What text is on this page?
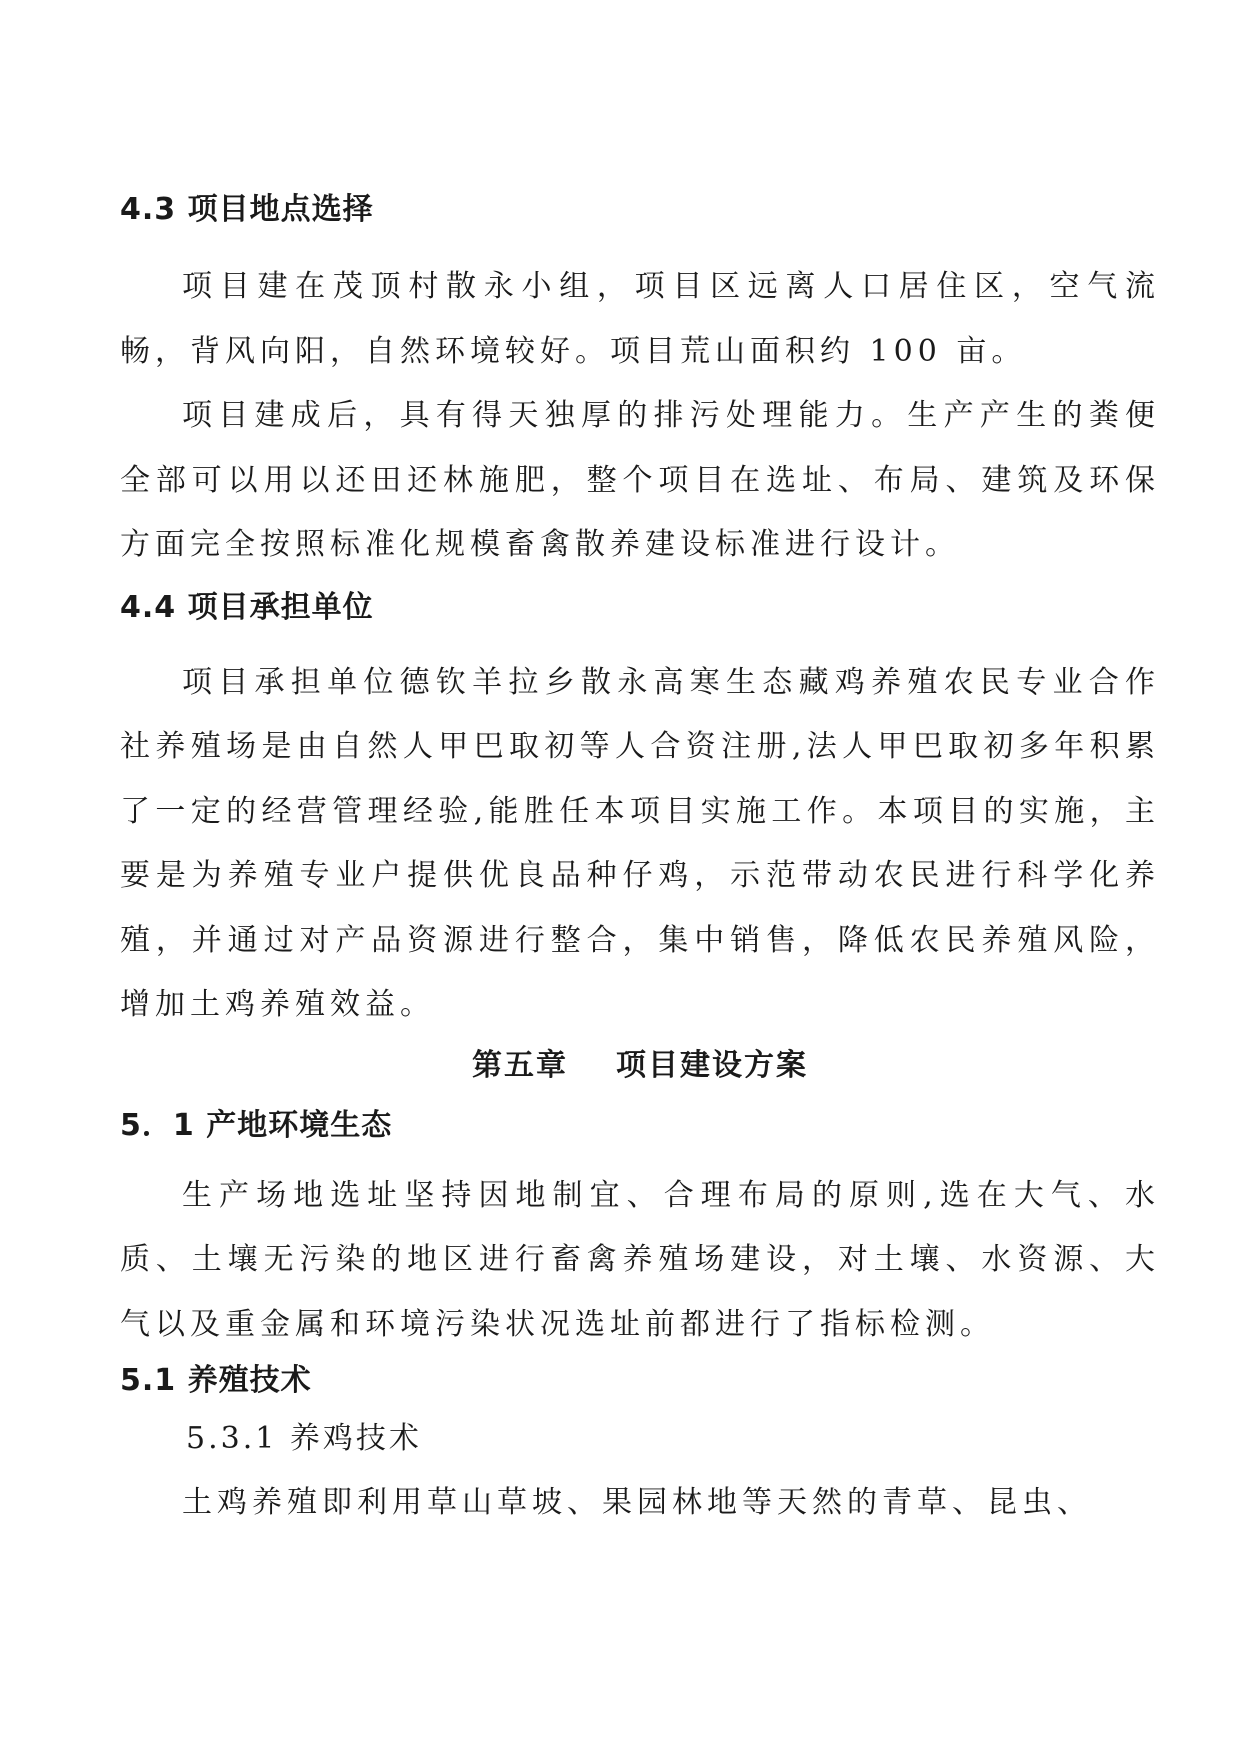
4.3 项目地点选择

项目建在茂顶村散永小组，项目区远离人口居住区，空气流畅，背风向阳，自然环境较好。项目荒山面积约 100 亩。

项目建成后，具有得天独厚的排污处理能力。生产产生的粪便全部可以用以还田还林施肥，整个项目在选址、布局、建筑及环保方面完全按照标准化规模畜禽散养建设标准进行设计。

4.4 项目承担单位

项目承担单位德钦羊拉乡散永高寒生态藏鸡养殖农民专业合作社养殖场是由自然人甲巴取初等人合资注册,法人甲巴取初多年积累了一定的经营管理经验,能胜任本项目实施工作。本项目的实施，主要是为养殖专业户提供优良品种仔鸡，示范带动农民进行科学化养殖，并通过对产品资源进行整合，集中销售，降低农民养殖风险，增加土鸡养殖效益。

第五章 项目建设方案
5．1 产地环境生态

生产场地选址坚持因地制宜、合理布局的原则,选在大气、水质、土壤无污染的地区进行畜禽养殖场建设，对土壤、水资源、大气以及重金属和环境污染状况选址前都进行了指标检测。

5.1 养殖技术

5.3.1 养鸡技术

土鸡养殖即利用草山草坡、果园林地等天然的青草、昆虫、
